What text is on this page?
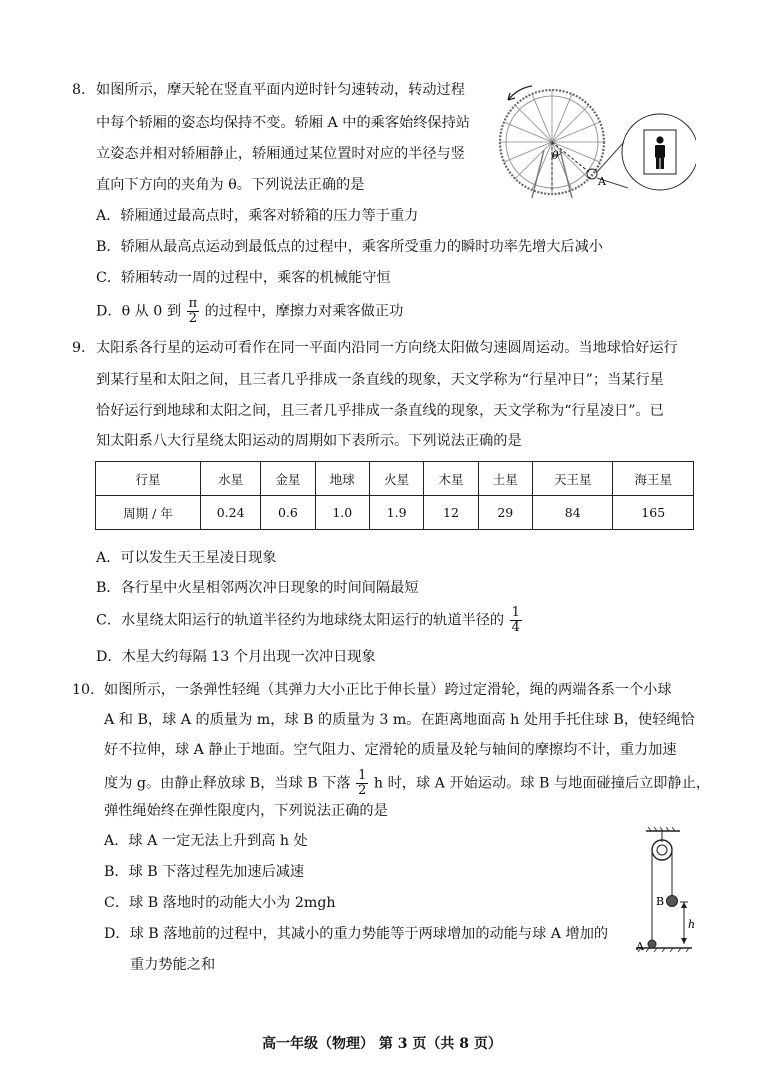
8. 如图所示，摩天轮在竖直平面内逆时针匀速转动，转动过程
中每个轿厢的姿态均保持不变。轿厢 A 中的乘客始终保持站
立姿态并相对轿厢静止，轿厢通过某位置时对应的半径与竖
直向下方向的夹角为 θ。下列说法正确的是
A．轿厢通过最高点时，乘客对轿箱的压力等于重力
B．轿厢从最高点运动到最低点的过程中，乘客所受重力的瞬时功率先增大后减小
C．轿厢转动一周的过程中，乘客的机械能守恒
D．θ 从 0 到 $\frac{\pi}{2}$ 的过程中，摩擦力对乘客做正功
θ
A
9. 太阳系各行星的运动可看作在同一平面内沿同一方向绕太阳做匀速圆周运动。当地球恰好运行
到某行星和太阳之间，且三者几乎排成一条直线的现象，天文学称为“行星冲日”；当某行星
恰好运行到地球和太阳之间，且三者几乎排成一条直线的现象，天文学称为“行星凌日”。已
知太阳系八大行星绕太阳运动的周期如下表所示。下列说法正确的是
行星	水星	金星	地球	火星	木星	土星	天王星	海王星
周期 / 年	0.24	0.6	1.0	1.9	12	29	84	165
A．可以发生天王星凌日现象
B．各行星中火星相邻两次冲日现象的时间间隔最短
C．水星绕太阳运行的轨道半径约为地球绕太阳运行的轨道半径的 $\frac{1}{4}$
D．木星大约每隔 13 个月出现一次冲日现象
10. 如图所示，一条弹性轻绳（其弹力大小正比于伸长量）跨过定滑轮，绳的两端各系一个小球
A 和 B，球 A 的质量为 m，球 B 的质量为 3 m。在距离地面高 h 处用手托住球 B，使轻绳恰
好不拉伸，球 A 静止于地面。空气阻力、定滑轮的质量及轮与轴间的摩擦均不计，重力加速
度为 g。由静止释放球 B，当球 B 下落 $\frac{1}{2}$ h 时，球 A 开始运动。球 B 与地面碰撞后立即静止，
弹性绳始终在弹性限度内，下列说法正确的是
A．球 A 一定无法上升到高 h 处
B．球 B 下落过程先加速后减速
C．球 B 落地时的动能大小为 2mgh
D．球 B 落地前的过程中，其减小的重力势能等于两球增加的动能与球 A 增加的
重力势能之和
B
A
h
高一年级（物理） 第 3 页（共 8 页）
